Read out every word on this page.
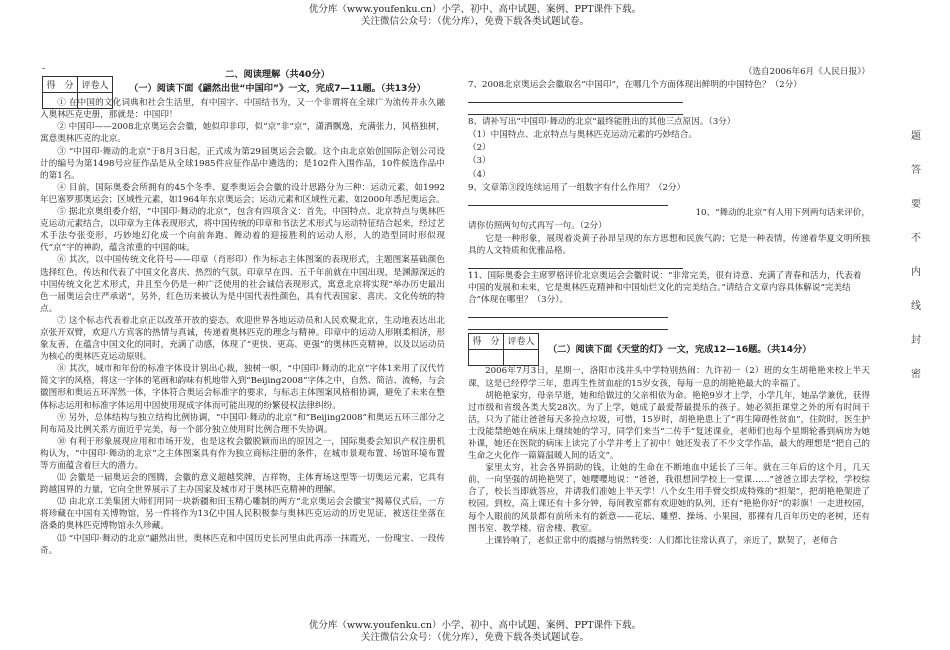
优分库（www.youfenku.cn）小学、初中、高中试题、案例、PPT课件下载。
关注微信公众号：（优分库），免费下载各类试题试卷。
-
得　分	评卷人

二、阅读理解（共40分）
（一）阅读下面《翩然出世“中国印”》一文，完成7—11题。（共13分）

① 在中国的文化词典和社会生活里，有中国字、中国结书为，又一个非谓将在全球广为流传并永久融入奥林匹克史册，那就是：中国印！

② 中国印——2008北京奥运会会徽，她似印非印，似“京”非“京”，潇洒飘逸，充满张力，风格独树，寓意奥林匹克的北京。

③ “中国印·舞动的北京”于8月3日起，正式成为第29届奥运会会徽。这个由北京始创国际企划公司设计的编号为第1498号应征作品是从全球1985件应征作品中遴选的；是102件入围作品，10件候选作品中的第1名。

④ 目前，国际奥委会所拥有的45个冬季、夏季奥运会会徽的设计思路分为三种：运动元素，如1992年巴塞罗那奥运会；区域性元素，如1964年东京奥运会；运动元素和区域性元素，如2000年悉尼奥运会。

⑤ 据北京奥组委介绍，“中国印·舞动的北京”，包含有四项含义：首先，中国特点、北京特点与奥林匹克运动元素结合，以印章为主体表现形式，将中国传统的印章和书法艺术形式与运动特征结合起来，经过艺术手法夸张变形，巧妙地幻化成一个向前奔跑、舞动着的迎接胜利的运动人形，人的造型同时形似现代“京”字的神韵，蕴含浓重的中国韵味。

⑥ 其次，以中国传统文化符号——印章（肖形印）作为标志主体图案的表现形式，主题图案基础颜色选择红色，传达和代表了中国文化喜庆、热烈的气氛。印章早在四、五千年前就在中国出现，是渊源深远的中国传统文化艺术形式，并且至今仍是一种广泛使用的社会诚信表现形式，寓意北京将实现“举办历史最出色一届奥运会庄严承诺”，另外，红色历来被认为是中国代表性颜色，具有代表国家、喜庆、文化传统的特点。

⑦ 这个标志代表着北京正以改革开放的姿态，欢迎世界各地运动员和人民欢聚北京，生动地表达出北京张开双臂，欢迎八方宾客的热情与真诚，传递着奥林匹克的理念与精神。印章中的运动人形刚柔相济，形象友善，在蕴含中国文化的同时，充满了动感，体现了“更快、更高、更强”的奥林匹克精神，以及以运动员为核心的奥林匹克运动原则。

⑧ 其次，城市和年份的标准字体设计别出心裁，独树一帜，“中国印·舞动的北京”字体1来用了汉代竹简文字的风格，将这一字体的笔画和韵味有机地带入到“Beijing2008”字体之中，自然、简洁、流畅，与会徽图形和奥运五环浑然一体，字体符合奥运会标准字的要求，与标志主体图案风格相协调，避免了未来在整体标志运用和标准字体运用中因使用现成字体而可能出现的纷繁侵权法律纠纷。

⑨ 另外，总体结构与独立结构比例协调，“中国印·舞动的北京”和“Beijing2008”和奥运五环三部分之间布局及比例关系方面近乎完美，每一个部分独立使用时比例合理不失协调。

⑩ 有利于形象展现应用和市场开发，也是这枚会徽脱颖而出的原因之一，国际奥委会知识产权注册机构认为，“中国印·舞动的北京”之主体图案具有作为独立商标注册的条件，在城市景观布置、场馆环境布置等方面蕴含着巨大的潜力。

⑾ 会徽是一届奥运会的图腾，会徽的意义超越奖牌，吉祥物，主体育场这型等一切奥运元素，它具有跨越国界的力量，它向全世界展示了主办国家及城市对于奥林匹克精神的理解。

⑿ 由北京工美集团大师们用同一块新疆和田玉精心雕制的两方“北京奥运会会徽宝”揭幕仪式后，一方将珍藏在中国有关博物馆，另一件将作为13亿中国人民积极参与奥林匹克运动的历史见证，被送往坐落在洛桑的奥林匹克博物馆永久珍藏。

⒀ “中国印·舞动的北京”翩然出世，奥林匹克和中国历史长河里由此再添一抹霞光，一份瑰宝、一段传奇。

（选自2006年6月《人民日报》）
7、2008北京奥运会会徽取名“中国印”，在哪几个方面体现出鲜明的中国特色？（2分）
8、请补写出“中国印·舞动的北京”最终能胜出的其他三点原因。（3分）
（1）中国特点、北京特点与奥林匹克运动元素的巧妙结合。
（2）
（3）
（4）
9、文章第③段连续运用了一组数字有什么作用？（2分）
10、“舞动的北京”有人用下列两句话来评价，
请你仿照两句句式再写一句。（2分）

它是一种形象，展现着炎黄子孙昂呈现的东方思想和民族气韵；它是一种表情，传递着华夏文明所独具的人文特质和优雅品格。

11、国际奥委会主席罗格评价北京奥运会会徽时说：“非常完美，很有诗意、充满了青春和活力，代表着中国的发展和未来，它是奥林匹克精神和中国灿烂文化的完美结合。”请结合文章内容具体解说“完美结合”体现在哪里？（3分）。
得　分	评卷人

（二）阅读下面《天堂的灯》一文，完成12—16题。（共14分）

2006年7月3日，星期一，洛阳市浅井头中学特别热闹：九许初一（2）班的女生胡艳艳来校上半天课，这是已经停学三年，患再生性贫血症的15岁女孩，每每一息的胡艳艳最大的幸福了。

胡艳艳家穷，母亲早逝，她和给做过的父亲相依为命。艳艳9岁才上学，小学几年，她品学兼优，获得过市级和省级各类大奖28次。为了上学，她成了最爱帮最提乐的孩子。她必须拒课堂之外的所有时间干活，只为了能让爸爸每天多捡点垃圾，可惜，15岁时，胡艳艳患上了“再生障碍性贫血”，住院时，医生护士没能禁绝她在病床上继续她的学习，同学们来当“二传手”复述课业，老师们也每个星期轮番到病房为她补课，她还在医院的病床上读完了小学并考上了初中！她还发表了不少文学作品，最大的理想是“把自己的生命之火化作一篇篇温暖人间的话文”。

家里太穷，社会各界捐助的钱，让她的生命在不断地血中延长了三年。就在三年后的这个月，几天前，一向坚强的胡艳艳哭了，她嘤嘤地说：“爸爸，我很想回学校上一堂课……”爸爸立即去学校，学校综合了，校长当即就答应，并请我们准她上半天学！八个女生用手臂交织成特殊的“担架”，把胡艳艳架进了校园。到校，高上课还有十多分钟，每间教室都有欢迎她的队列，还有“艳艳你好”的彩旗！一走进校园，每个人眼前的风景都有前所未有的新意——花坛、雕塑、操场、小果园，那裸有几百年历史的老树，还有图书室、教学楼、宿舍楼、教室。

上课铃响了，老似正常中的震撼与悄然转变：人们都比往常认真了，亲近了，默契了，老师合

题
答
要
不
内
线
封
密
优分库（www.youfenku.cn）小学、初中、高中试题、案例、PPT课件下载。
关注微信公众号：（优分库），免费下载各类试题试卷。
